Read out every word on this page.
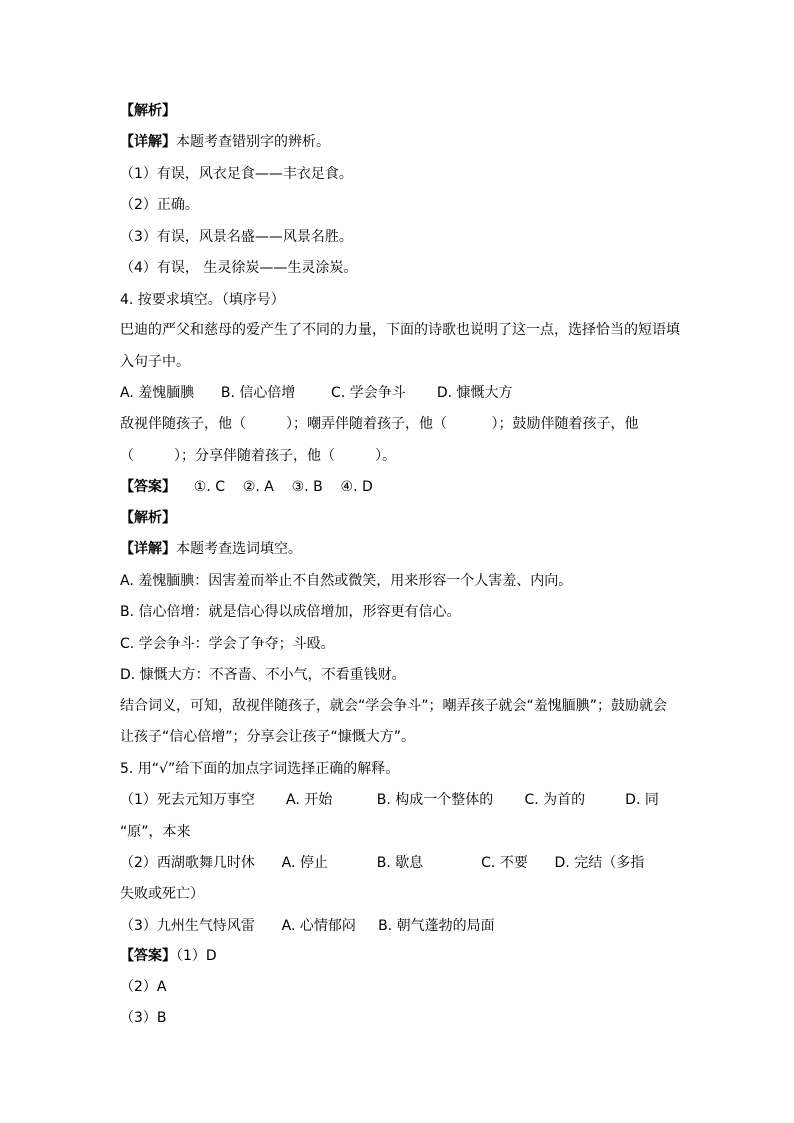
【解析】
【详解】本题考查错别字的辨析。
（1）有误，风衣足食——丰衣足食。
（2）正确。
（3）有误，风景名盛——风景名胜。
（4）有误， 生灵徐炭——生灵涂炭。
4. 按要求填空。（填序号）
巴迪的严父和慈母的爱产生了不同的力量，下面的诗歌也说明了这一点，选择恰当的短语填
入句子中。
A. 羞愧腼腆      B. 信心倍增        C. 学会争斗       D. 慷慨大方
敌视伴随孩子，他（         ）；嘲弄伴随着孩子，他（          ）；鼓励伴随着孩子，他
（         ）；分享伴随着孩子，他（         ）。
【答案】    ①. C    ②. A    ③. B    ④. D
【解析】
【详解】本题考查选词填空。
A. 羞愧腼腆：因害羞而举止不自然或微笑，用来形容一个人害羞、内向。
B. 信心倍增：就是信心得以成倍增加，形容更有信心。
C. 学会争斗：学会了争夺；斗殴。
D. 慷慨大方：不吝啬、不小气，不看重钱财。
结合词义，可知，敌视伴随孩子，就会“学会争斗”；嘲弄孩子就会“羞愧腼腆”；鼓励就会
让孩子“信心倍增”；分享会让孩子“慷慨大方”。
5. 用“√”给下面的加点字词选择正确的解释。
（1）死去元知万事空       A. 开始          B. 构成一个整体的       C. 为首的         D. 同
“原”，本来
（2）西湖歌舞几时休      A. 停止           B. 歇息             C. 不要      D. 完结（多指
失败或死亡）
（3）九州生气恃风雷      A. 心情郁闷     B. 朝气蓬勃的局面
【答案】（1）D
（2）A
（3）B
